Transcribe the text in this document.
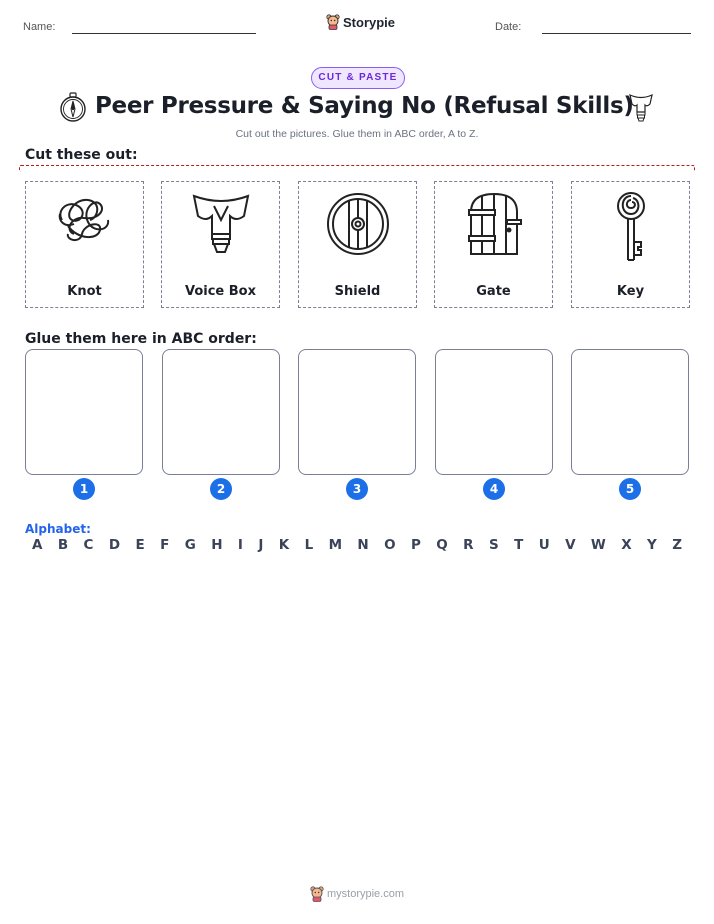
Name:	Storypie	Date:
CUT & PASTE
Peer Pressure & Saying No (Refusal Skills)
Cut out the pictures. Glue them in ABC order, A to Z.
Cut these out:
Knot	Voice Box	Shield	Gate	Key
Glue them here in ABC order:
1	2	3	4	5
Alphabet:
A B C D E F G H I J K L M N O P Q R S T U V W X Y Z
mystorypie.com
